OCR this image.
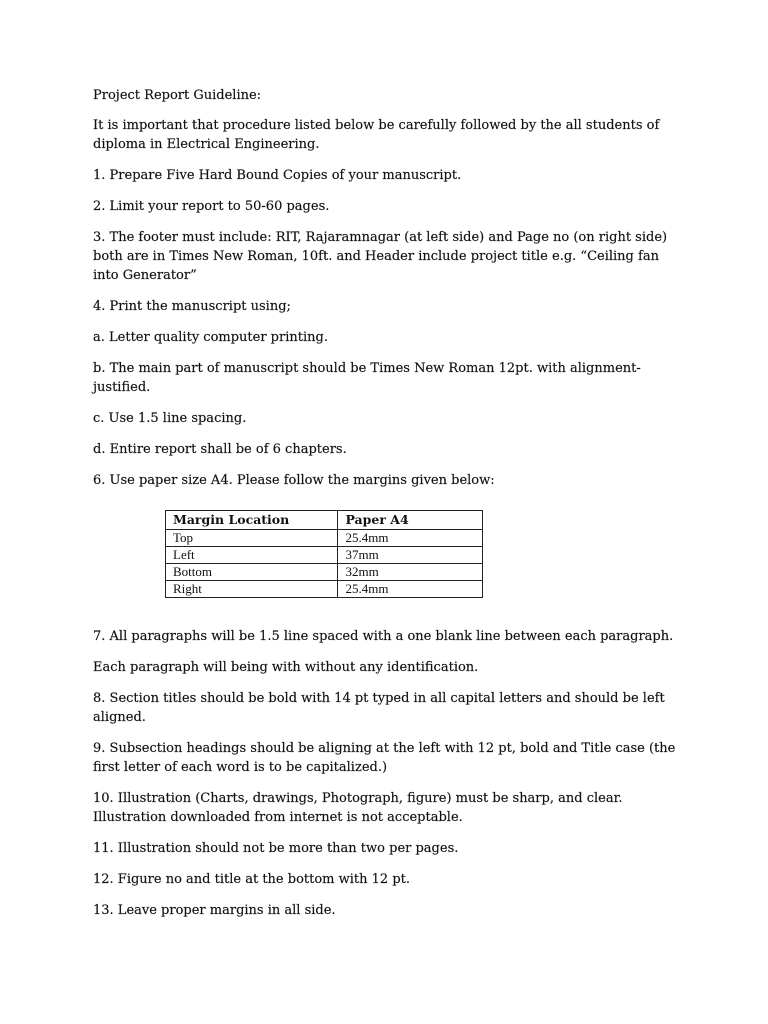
Project Report Guideline:

It is important that procedure listed below be carefully followed by the all students of diploma in Electrical Engineering.

1. Prepare Five Hard Bound Copies of your manuscript.

2. Limit your report to 50-60 pages.

3. The footer must include: RIT, Rajaramnagar (at left side) and Page no (on right side) both are in Times New Roman, 10ft. and Header include project title e.g. “Ceiling fan into Generator”

4. Print the manuscript using;

a. Letter quality computer printing.

b. The main part of manuscript should be Times New Roman 12pt. with alignment-justified.

c. Use 1.5 line spacing.

d. Entire report shall be of 6 chapters.

6. Use paper size A4. Please follow the margins given below:

Margin Location	Paper A4
Top	25.4mm
Left	37mm
Bottom	32mm
Right	25.4mm

7. All paragraphs will be 1.5 line spaced with a one blank line between each paragraph.

Each paragraph will being with without any identification.

8. Section titles should be bold with 14 pt typed in all capital letters and should be left aligned.

9. Subsection headings should be aligning at the left with 12 pt, bold and Title case (the first letter of each word is to be capitalized.)

10. Illustration (Charts, drawings, Photograph, figure) must be sharp, and clear. Illustration downloaded from internet is not acceptable.

11. Illustration should not be more than two per pages.

12. Figure no and title at the bottom with 12 pt.

13. Leave proper margins in all side.
